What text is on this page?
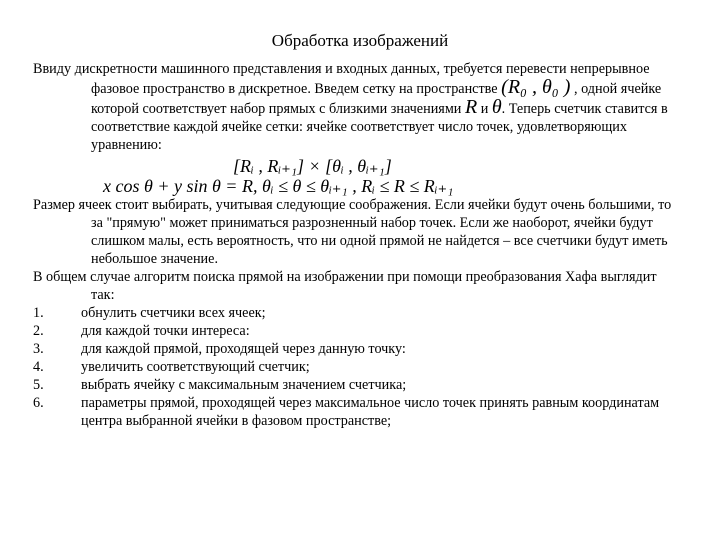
Обработка изображений
Ввиду дискретности машинного представления и входных данных, требуется перевести непрерывное фазовое пространство в дискретное. Введем сетку на пространстве (R₀ , θ₀ ) , одной ячейке которой соответствует набор прямых с близкими значениями R и θ. Теперь счетчик ставится в соответствие каждой ячейке сетки: ячейке соответствует число точек, удовлетворяющих уравнению:
[Rᵢ , Rᵢ₊₁] × [θᵢ , θᵢ₊₁]
x cos θ + y sin θ = R, θᵢ ≤ θ ≤ θᵢ₊₁ , Rᵢ ≤ R ≤ Rᵢ₊₁
Размер ячеек стоит выбирать, учитывая следующие соображения. Если ячейки будут очень большими, то за "прямую" может приниматься разрозненный набор точек. Если же наоборот, ячейки будут слишком малы, есть вероятность, что ни одной прямой не найдется – все счетчики будут иметь небольшое значение.
В общем случае алгоритм поиска прямой на изображении при помощи преобразования Хафа выглядит так:
1.	обнулить счетчики всех ячеек;
2.	для каждой точки интереса:
3.	для каждой прямой, проходящей через данную точку:
4.	увеличить соответствующий счетчик;
5.	выбрать ячейку с максимальным значением счетчика;
6.	параметры прямой, проходящей через максимальное число точек принять равным координатам центра выбранной ячейки в фазовом пространстве;
